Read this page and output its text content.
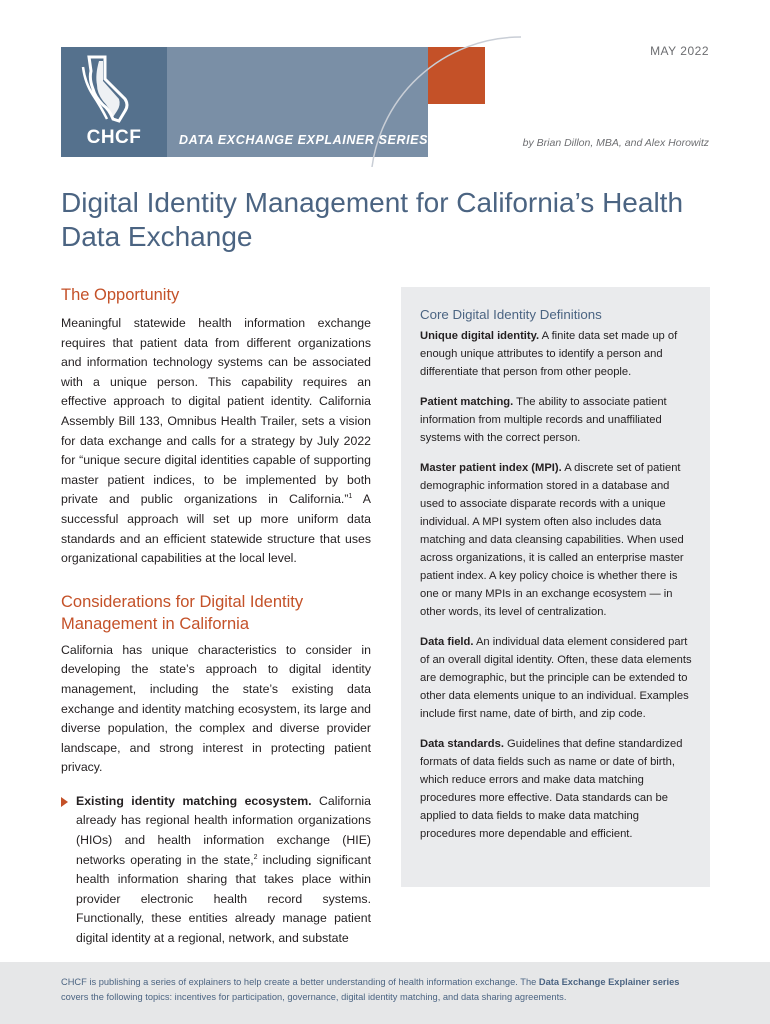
MAY 2022
CHCF	DATA EXCHANGE EXPLAINER SERIES	by Brian Dillon, MBA, and Alex Horowitz
Digital Identity Management for California’s Health Data Exchange
The Opportunity

Meaningful statewide health information exchange requires that patient data from different organizations and information technology systems can be associated with a unique person. This capability requires an effective approach to digital patient identity. California Assembly Bill 133, Omnibus Health Trailer, sets a vision for data exchange and calls for a strategy by July 2022 for “unique secure digital identities capable of supporting master patient indices, to be implemented by both private and public organizations in California.”$^1$ A successful approach will set up more uniform data standards and an efficient statewide structure that uses organizational capabilities at the local level.

Considerations for Digital Identity Management in California

California has unique characteristics to consider in developing the state’s approach to digital identity management, including the state’s existing data exchange and identity matching ecosystem, its large and diverse population, the complex and diverse provider landscape, and strong interest in protecting patient privacy.

Existing identity matching ecosystem. California already has regional health information organizations (HIOs) and health information exchange (HIE) networks operating in the state,$^2$ including significant health information sharing that takes place within provider electronic health record systems. Functionally, these entities already manage patient digital identity at a regional, network, and substate

Core Digital Identity Definitions

Unique digital identity. A finite data set made up of enough unique attributes to identify a person and differentiate that person from other people.

Patient matching. The ability to associate patient information from multiple records and unaffiliated systems with the correct person.

Master patient index (MPI). A discrete set of patient demographic information stored in a database and used to associate disparate records with a unique individual. A MPI system often also includes data matching and data cleansing capabilities. When used across organizations, it is called an enterprise master patient index. A key policy choice is whether there is one or many MPIs in an exchange ecosystem — in other words, its level of centralization.

Data field. An individual data element considered part of an overall digital identity. Often, these data elements are demographic, but the principle can be extended to other data elements unique to an individual. Examples include first name, date of birth, and zip code.

Data standards. Guidelines that define standardized formats of data fields such as name or date of birth, which reduce errors and make data matching procedures more effective. Data standards can be applied to data fields to make data matching procedures more dependable and efficient.

CHCF is publishing a series of explainers to help create a better understanding of health information exchange. The Data Exchange Explainer series covers the following topics: incentives for participation, governance, digital identity matching, and data sharing agreements.
